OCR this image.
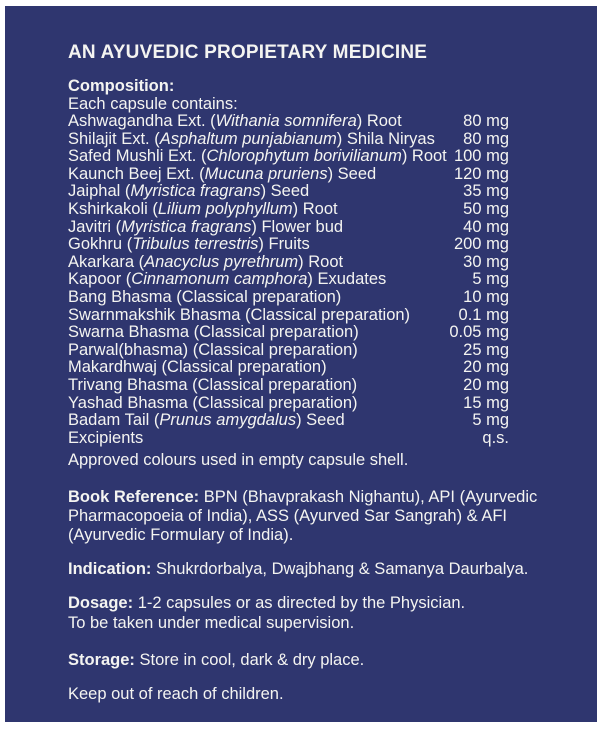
AN AYUVEDIC PROPIETARY MEDICINE
Composition:
Each capsule contains:
Ashwagandha Ext. (Withania somnifera) Root	80 mg
Shilajit Ext. (Asphaltum punjabianum) Shila Niryas	80 mg
Safed Mushli Ext. (Chlorophytum borivilianum) Root 100 mg
Kaunch Beej Ext. (Mucuna pruriens) Seed	120 mg
Jaiphal (Myristica fragrans) Seed	35 mg
Kshirkakoli (Lilium polyphyllum) Root	50 mg
Javitri (Myristica fragrans) Flower bud	40 mg
Gokhru (Tribulus terrestris) Fruits	200 mg
Akarkara (Anacyclus pyrethrum) Root	30 mg
Kapoor (Cinnamonum camphora) Exudates	5 mg
Bang Bhasma (Classical preparation)	10 mg
Swarnmakshik Bhasma (Classical preparation)	0.1 mg
Swarna Bhasma (Classical preparation)	0.05 mg
Parwal(bhasma) (Classical preparation)	25 mg
Makardhwaj (Classical preparation)	20 mg
Trivang Bhasma (Classical preparation)	20 mg
Yashad Bhasma (Classical preparation)	15 mg
Badam Tail (Prunus amygdalus) Seed	5 mg
Excipients	q.s.
Approved colours used in empty capsule shell.

Book Reference: BPN (Bhavprakash Nighantu), API (Ayurvedic Pharmacopoeia of India), ASS (Ayurved Sar Sangrah) & AFI (Ayurvedic Formulary of India).

Indication: Shukrdorbalya, Dwajbhang & Samanya Daurbalya.

Dosage: 1-2 capsules or as directed by the Physician.

To be taken under medical supervision.

Storage: Store in cool, dark & dry place.

Keep out of reach of children.
